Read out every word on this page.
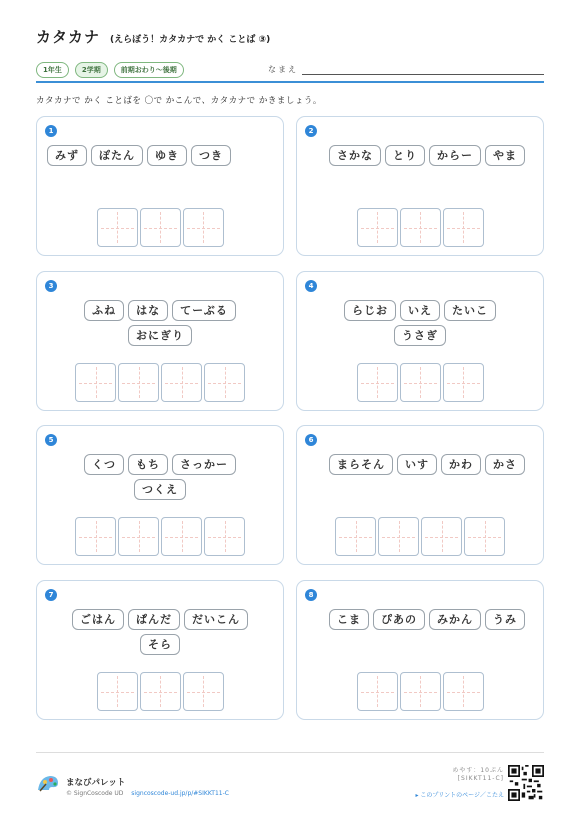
カタカナ (えらぼう！カタカナで かく ことば ③)
1年生	2学期	前期おわり〜後期	なまえ
カタカナで かく ことばを 〇で かこんで、カタカナで かきましょう。
1
みず	ぽたん	ゆき	つき
2
さかな	とり	からー	やま
3
ふね	はな	てーぶる
おにぎり
4
らじお	いえ	たいこ
うさぎ
5
くつ	もち	さっかー
つくえ
6
まらそん	いす	かわ	かさ
7
ごはん	ぱんだ	だいこん
そら
8
こま	ぴあの	みかん	うみ
まなびパレット
© SignCoscode UD signcoscode-ud.jp/p/#SIKKT11-C
めやす：10ぷん
[SIKKT11-C]
▸ このプリントのページ／こたえ
